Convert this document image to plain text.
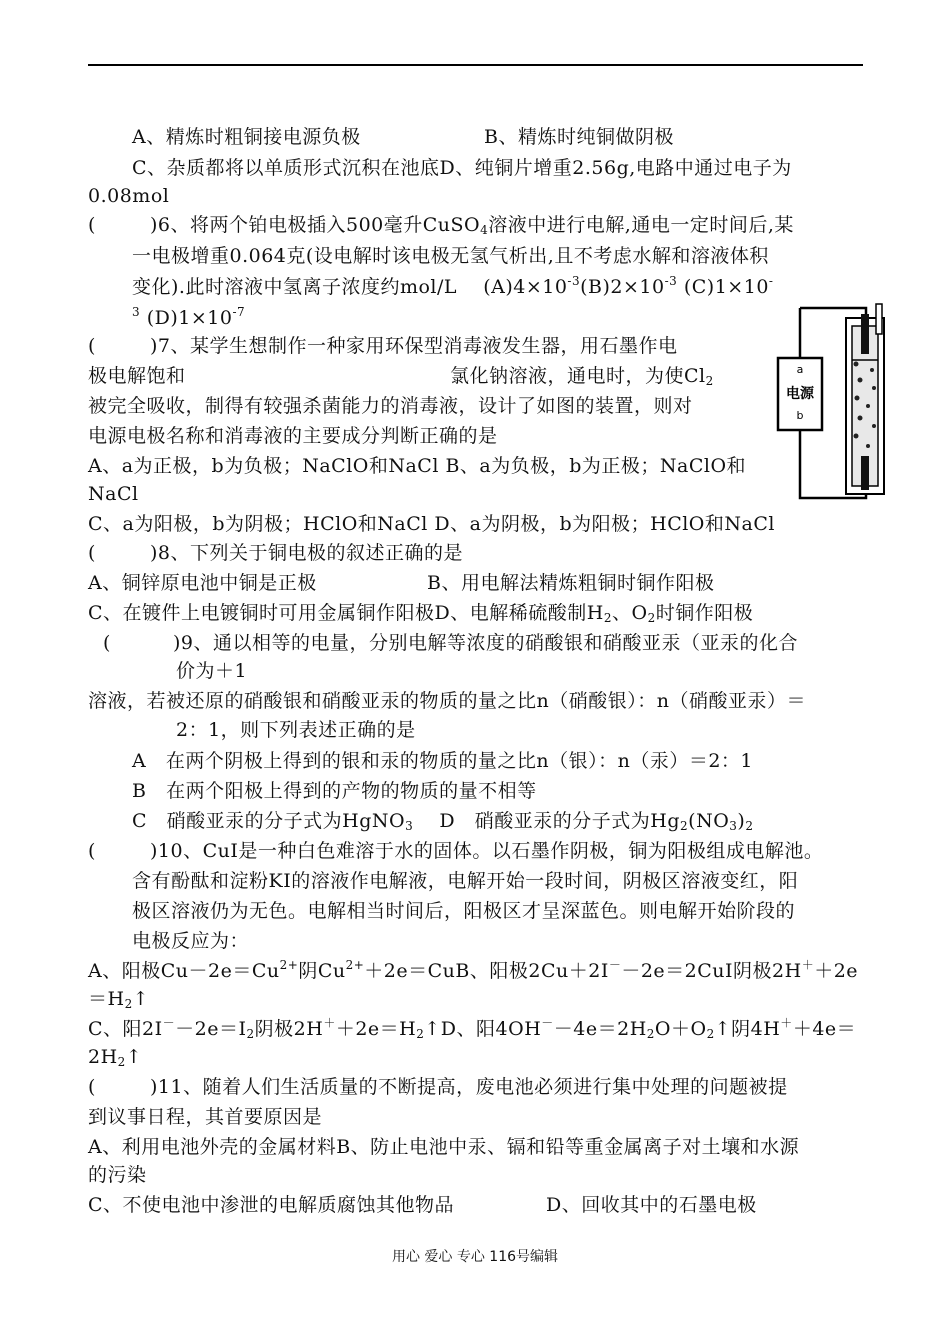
A、精炼时粗铜接电源负极	B、精炼时纯铜做阴极
C、杂质都将以单质形式沉积在池底D、纯铜片增重2.56g,电路中通过电子为
0.08mol
(	)6、将两个铂电极插入500毫升CuSO$_4$溶液中进行电解,通电一定时间后,某
一电极增重0.064克(设电解时该电极无氢气析出,且不考虑水解和溶液体积
变化).此时溶液中氢离子浓度约mol/L $(A)4\times 10^{-3}(B)2\times 10^{-3}$ (C)1×10-
$^3$ $(D)1\times 10^{-7}$
(	)7、某学生想制作一种家用环保型消毒液发生器，用石墨作电
极电解饱和	氯化钠溶液，通电时，为使$Cl_2$
被完全吸收，制得有较强杀菌能力的消毒液，设计了如图的装置，则对
电源电极名称和消毒液的主要成分判断正确的是
A、a为正极，b为负极；NaClO和NaCl B、a为负极，b为正极；NaClO和
NaCl
C、a为阳极，b为阴极；HClO和NaCl D、a为阴极，b为阳极；HClO和NaCl
a
电源
b
(	)8、下列关于铜电极的叙述正确的是
A、铜锌原电池中铜是正极	B、用电解法精炼粗铜时铜作阳极
C、在镀件上电镀铜时可用金属铜作阳极D、电解稀硫酸制$H_2$、$O_2$时铜作阳极
(	)9、通以相等的电量，分别电解等浓度的硝酸银和硝酸亚汞（亚汞的化合
价为＋1
溶液，若被还原的硝酸银和硝酸亚汞的物质的量之比n（硝酸银）：n（硝酸亚汞）＝
2：1，则下列表述正确的是
A 在两个阴极上得到的银和汞的物质的量之比n（银）：n（汞）＝2：1
B 在两个阳极上得到的产物的物质的量不相等
C 硝酸亚汞的分子式为HgNO$_3$ D 硝酸亚汞的分子式为$Hg_2(NO_3)_2$
(	)10、CuI是一种白色难溶于水的固体。以石墨作阴极，铜为阳极组成电解池。
含有酚酞和淀粉KI的溶液作电解液，电解开始一段时间，阴极区溶液变红，阳
极区溶液仍为无色。电解相当时间后，阳极区才呈深蓝色。则电解开始阶段的
电极反应为：
A、阳极$Cu-2e=Cu^{2+}$阴$Cu^{2+}+2e=CuB$、阳极2Cu＋2I－－2e＝2CuI阴极2H＋＋2e
$=H_2↑$
C、阳$2I^--2e=I_2$阴极$2H^++2e=H_2↑D$、阳$4OH^--4e=2H_2O+O_2↑$阴4H＋＋4e＝
$2H_2↑$
(	)11、随着人们生活质量的不断提高，废电池必须进行集中处理的问题被提
到议事日程，其首要原因是
A、利用电池外壳的金属材料B、防止电池中汞、镉和铅等重金属离子对土壤和水源
的污染
C、不使电池中渗泄的电解质腐蚀其他物品	D、回收其中的石墨电极
用心 爱心 专心 116号编辑
